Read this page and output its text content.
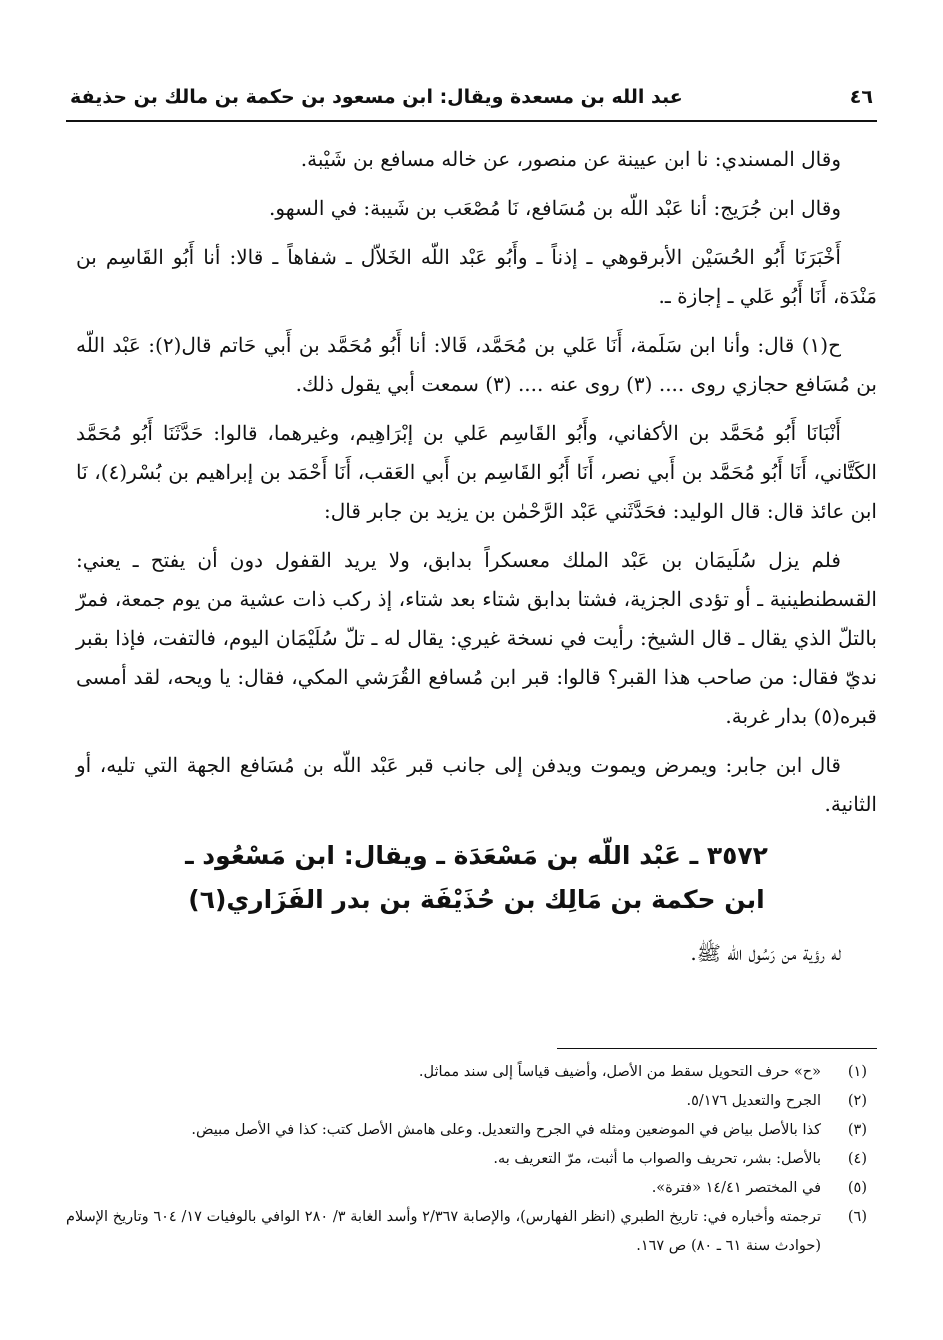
٤٦
عبد الله بن مسعدة ويقال: ابن مسعود بن حكمة بن مالك بن حذيفة

وقال المسندي: نا ابن عيينة عن منصور، عن خاله مسافع بن شَيْبة.

وقال ابن جُرَيج: أنا عَبْد اللّه بن مُسَافع، نَا مُصْعَب بن شَيبة: في السهو.

أَخْبَرَنَا أَبُو الحُسَيْن الأبرقوهي ـ إذناً ـ وأَبُو عَبْد اللّه الخَلاّل ـ شفاهاً ـ قالا: أنا أَبُو القَاسِم بن مَنْدَة، أَنَا أَبُو عَلي ـ إجازة ـ.

ح(١) قال: وأنا ابن سَلَمة، أَنَا عَلي بن مُحَمَّد، قَالا: أنا أَبُو مُحَمَّد بن أَبي حَاتم قال(٢): عَبْد اللّه بن مُسَافع حجازي روى .... (٣) روى عنه .... (٣) سمعت أبي يقول ذلك.

أَنْبَانَا أَبُو مُحَمَّد بن الأكفاني، وأَبُو القَاسِم عَلي بن إبْرَاهِيم، وغيرهما، قالوا: حَدَّثَنَا أَبُو مُحَمَّد الكَتَّاني، أَنَا أَبُو مُحَمَّد بن أَبي نصر، أَنَا أَبُو القَاسِم بن أَبي العَقب، أَنَا أَحْمَد بن إبراهيم بن بُسْر(٤)، نَا ابن عائذ قال: قال الوليد: فحَدَّثَني عَبْد الرَّحْمٰن بن يزيد بن جابر قال:

فلم يزل سُلَيمَان بن عَبْد الملك معسكراً بدابق، ولا يريد القفول دون أن يفتح ـ يعني: القسطنطينية ـ أو تؤدى الجزية، فشتا بدابق شتاء بعد شتاء، إذ ركب ذات عشية من يوم جمعة، فمرّ بالتلّ الذي يقال ـ قال الشيخ: رأيت في نسخة غيري: يقال له ـ تلّ سُلَيْمَان اليوم، فالتفت، فإذا بقبر نديّ فقال: من صاحب هذا القبر؟ قالوا: قبر ابن مُسافع القُرَشي المكي، فقال: يا ويحه، لقد أمسى قبره(٥) بدار غربة.

قال ابن جابر: ويمرض ويموت ويدفن إلى جانب قبر عَبْد اللّه بن مُسَافع الجهة التي تليه، أو الثانية.

٣٥٧٢ ـ عَبْد اللّه بن مَسْعَدَة ـ ويقال: ابن مَسْعُود ـ
ابن حكمة بن مَالِك بن حُذَيْفَة بن بدر الفَزَاري(٦)

له رؤية من رَسُول الله ﷺ.

(١)
«ح» حرف التحويل سقط من الأصل، وأضيف قياساً إلى سند مماثل.
(٢)
الجرح والتعديل ٥/١٧٦.
(٣)
كذا بالأصل بياض في الموضعين ومثله في الجرح والتعديل. وعلى هامش الأصل كتب: كذا في الأصل مبيض.
(٤)
بالأصل: بشر، تحريف والصواب ما أثبت، مرّ التعريف به.
(٥)
في المختصر ١٤/٤١ «فترة».
(٦)
ترجمته وأخباره في: تاريخ الطبري (انظر الفهارس)، والإصابة ٢/٣٦٧ وأسد الغابة ٣/ ٢٨٠ الوافي بالوفيات ١٧/ ٦٠٤ وتاريخ الإسلام (حوادث سنة ٦١ ـ ٨٠) ص ١٦٧.
